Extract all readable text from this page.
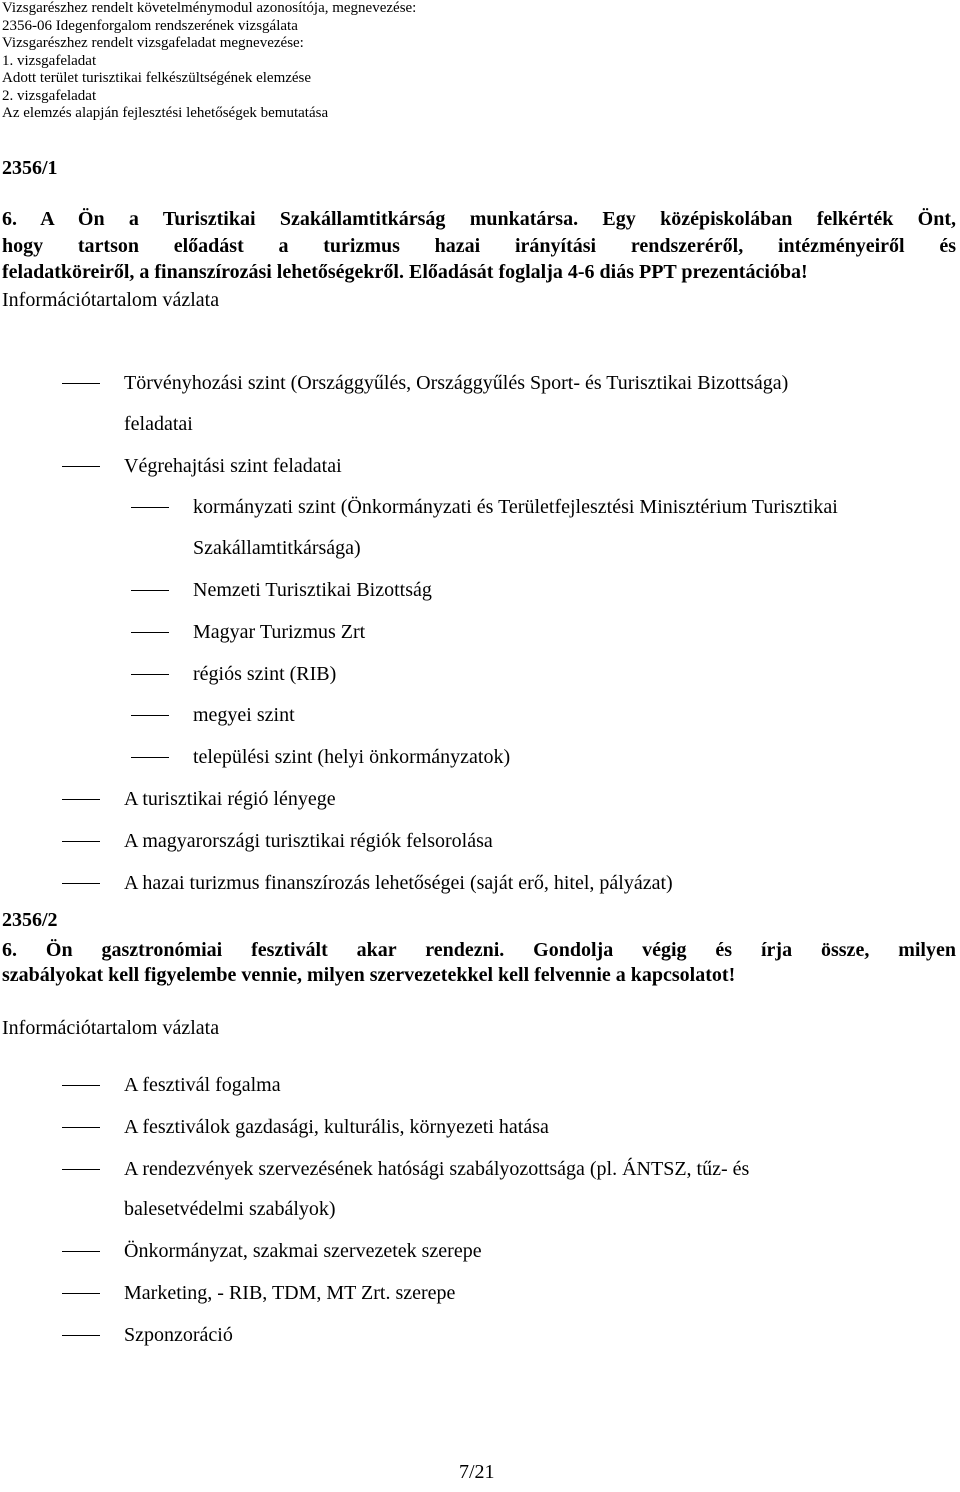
Vizsgarészhez rendelt követelménymodul azonosítója, megnevezése:
2356-06 Idegenforgalom rendszerének vizsgálata
Vizsgarészhez rendelt vizsgafeladat megnevezése:
1. vizsgafeladat
Adott terület turisztikai felkészültségének elemzése
2. vizsgafeladat
Az elemzés alapján fejlesztési lehetőségek bemutatása
2356/1
6. A Ön a Turisztikai Szakállamtitkárság munkatársa. Egy középiskolában felkérték Önt,
hogy tartson előadást a turizmus hazai irányítási rendszeréről, intézményeiről és
feladatköreiről, a finanszírozási lehetőségekről. Előadását foglalja 4-6 diás PPT prezentációba!
Információtartalom vázlata
Törvényhozási szint (Országgyűlés, Országgyűlés Sport- és Turisztikai Bizottsága)
feladatai
Végrehajtási szint feladatai
kormányzati szint (Önkormányzati és Területfejlesztési Minisztérium Turisztikai
Szakállamtitkársága)
Nemzeti Turisztikai Bizottság
Magyar Turizmus Zrt
régiós szint (RIB)
megyei szint
települési szint (helyi önkormányzatok)
A turisztikai régió lényege
A magyarországi turisztikai régiók felsorolása
A hazai turizmus finanszírozás lehetőségei (saját erő, hitel, pályázat)
2356/2
6. Ön gasztronómiai fesztivált akar rendezni. Gondolja végig és írja össze, milyen
szabályokat kell figyelembe vennie, milyen szervezetekkel kell felvennie a kapcsolatot!
Információtartalom vázlata
A fesztivál fogalma
A fesztiválok gazdasági, kulturális, környezeti hatása
A rendezvények szervezésének hatósági szabályozottsága (pl. ÁNTSZ, tűz- és
balesetvédelmi szabályok)
Önkormányzat, szakmai szervezetek szerepe
Marketing, - RIB, TDM, MT Zrt. szerepe
Szponzoráció
7/21
